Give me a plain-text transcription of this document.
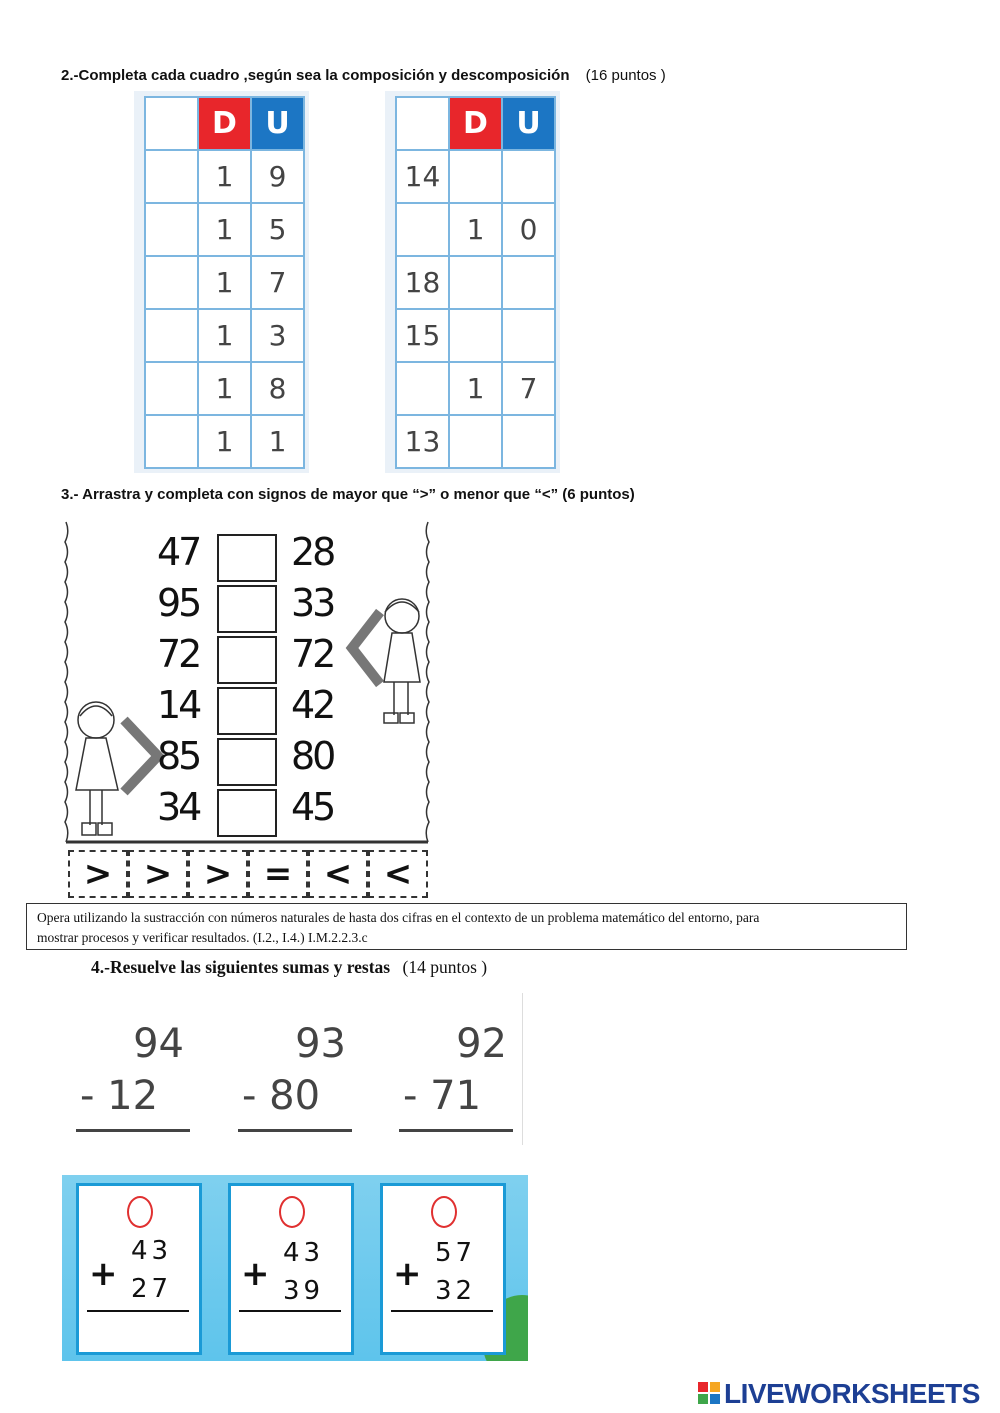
2.-Completa cada cuadro ,según sea la composición y descomposición (16 puntos )
	D	U
	1	9
	1	5
	1	7
	1	3
	1	8
	1	1
	D	U
14		
	1	0
18		
15		
	1	7
13		
3.- Arrastra y completa con signos de mayor que “>” o menor que “<” (6 puntos)
47 28
95 33
72 72
14 42
85 80
34 45
> > > = < <
Opera utilizando la sustracción con números naturales de hasta dos cifras en el contexto de un problema matemático del entorno, para
mostrar procesos y verificar resultados. (I.2., I.4.) I.M.2.2.3.c
4.-Resuelve las siguientes sumas y restas (14 puntos )
94
- 12
93
- 80
92
- 71
43
+ 27
43
+ 39
57
+ 32
LIVEWORKSHEETS
